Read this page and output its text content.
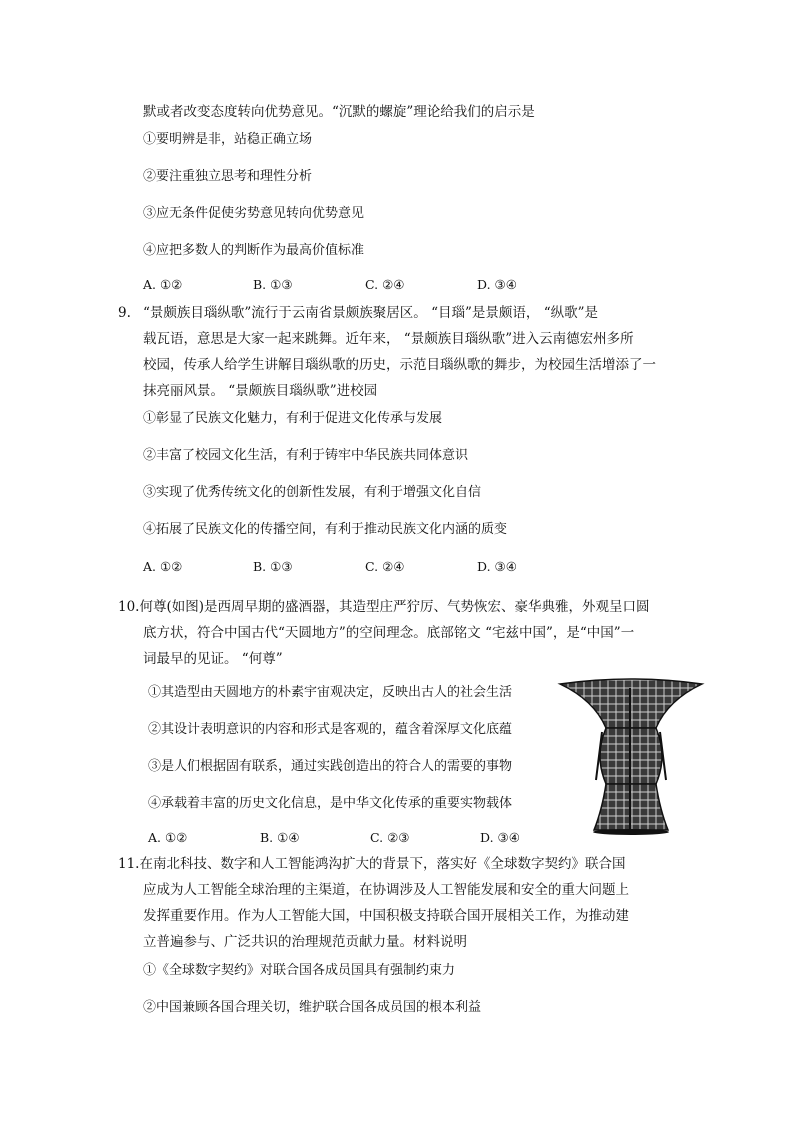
默或者改变态度转向优势意见。“沉默的螺旋”理论给我们的启示是
①要明辨是非，站稳正确立场
②要注重独立思考和理性分析
③应无条件促使劣势意见转向优势意见
④应把多数人的判断作为最高价值标准
A. ①②	B. ①③	C. ②④	D. ③④
9. “景颇族目瑙纵歌”流行于云南省景颇族聚居区。 “目瑙”是景颇语， “纵歌”是
载瓦语，意思是大家一起来跳舞。近年来， “景颇族目瑙纵歌”进入云南德宏州多所
校园，传承人给学生讲解目瑙纵歌的历史，示范目瑙纵歌的舞步，为校园生活增添了一
抹亮丽风景。 “景颇族目瑙纵歌”进校园
①彰显了民族文化魅力，有利于促进文化传承与发展
②丰富了校园文化生活，有利于铸牢中华民族共同体意识
③实现了优秀传统文化的创新性发展，有利于增强文化自信
④拓展了民族文化的传播空间，有利于推动民族文化内涵的质变
A. ①②	B. ①③	C. ②④	D. ③④
10.何尊(如图)是西周早期的盛酒器，其造型庄严狞厉、气势恢宏、豪华典雅，外观呈口圆
底方状，符合中国古代“天圆地方”的空间理念。底部铭文 “宅兹中国”，是“中国”一
词最早的见证。 “何尊”
①其造型由天圆地方的朴素宇宙观决定，反映出古人的社会生活
②其设计表明意识的内容和形式是客观的，蕴含着深厚文化底蕴
③是人们根据固有联系，通过实践创造出的符合人的需要的事物
④承载着丰富的历史文化信息，是中华文化传承的重要实物载体
A. ①②	B. ①④	C. ②③	D. ③④
11.在南北科技、数字和人工智能鸿沟扩大的背景下，落实好《全球数字契约》联合国
应成为人工智能全球治理的主渠道，在协调涉及人工智能发展和安全的重大问题上
发挥重要作用。作为人工智能大国，中国积极支持联合国开展相关工作，为推动建
立普遍参与、广泛共识的治理规范贡献力量。材料说明
①《全球数字契约》对联合国各成员国具有强制约束力
②中国兼顾各国合理关切，维护联合国各成员国的根本利益
